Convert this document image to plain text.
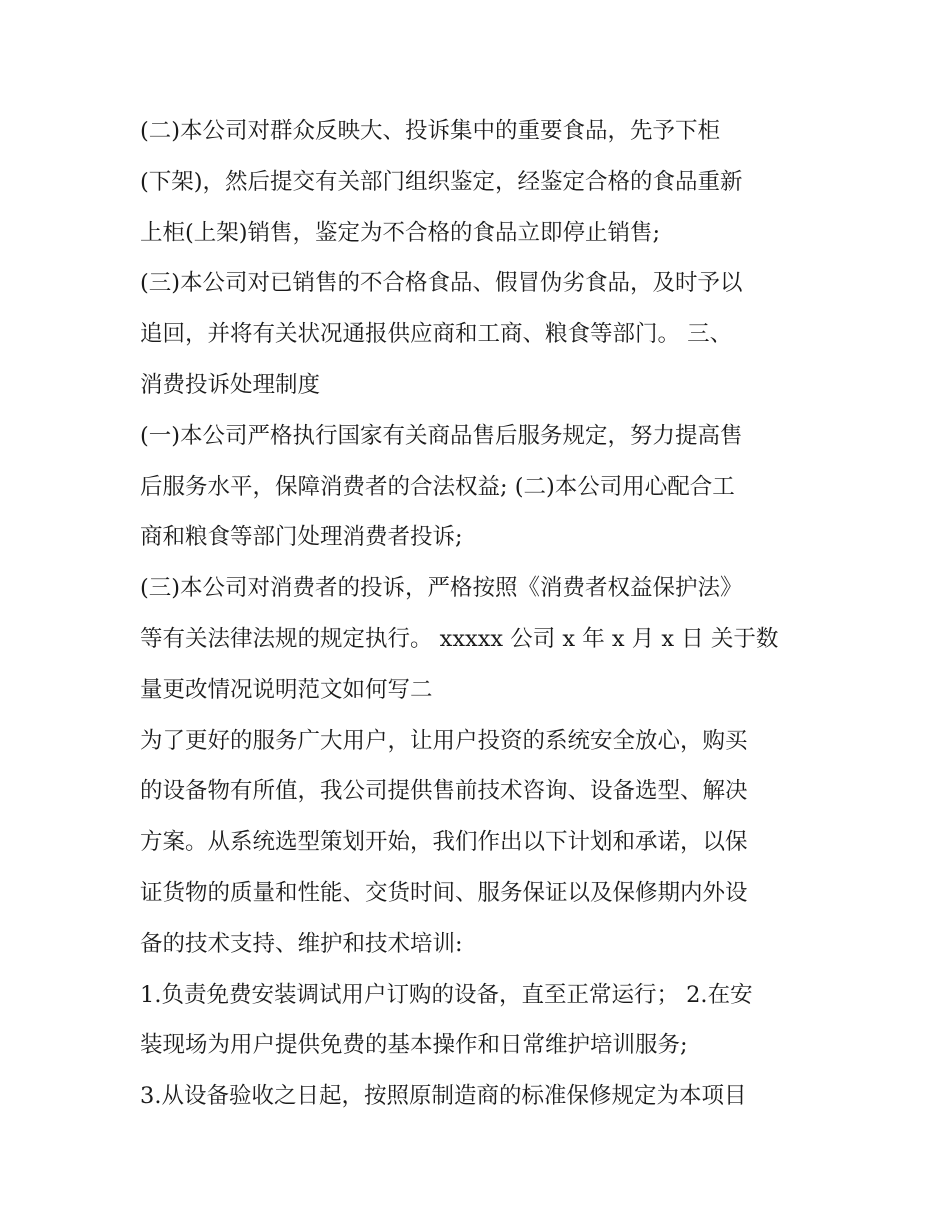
(二)本公司对群众反映大、投诉集中的重要食品，先予下柜
(下架)，然后提交有关部门组织鉴定，经鉴定合格的食品重新
上柜(上架)销售，鉴定为不合格的食品立即停止销售;
(三)本公司对已销售的不合格食品、假冒伪劣食品，及时予以
追回，并将有关状况通报供应商和工商、粮食等部门。 三、
消费投诉处理制度
(一)本公司严格执行国家有关商品售后服务规定，努力提高售
后服务水平，保障消费者的合法权益; (二)本公司用心配合工
商和粮食等部门处理消费者投诉;
(三)本公司对消费者的投诉，严格按照《消费者权益保护法》
等有关法律法规的规定执行。 xxxxx 公司 x 年 x 月 x 日 关于数
量更改情况说明范文如何写二
为了更好的服务广大用户，让用户投资的系统安全放心，购买
的设备物有所值，我公司提供售前技术咨询、设备选型、解决
方案。从系统选型策划开始，我们作出以下计划和承诺，以保
证货物的质量和性能、交货时间、服务保证以及保修期内外设
备的技术支持、维护和技术培训:
1.负责免费安装调试用户订购的设备，直至正常运行； 2.在安
装现场为用户提供免费的基本操作和日常维护培训服务;
3.从设备验收之日起，按照原制造商的标准保修规定为本项目
